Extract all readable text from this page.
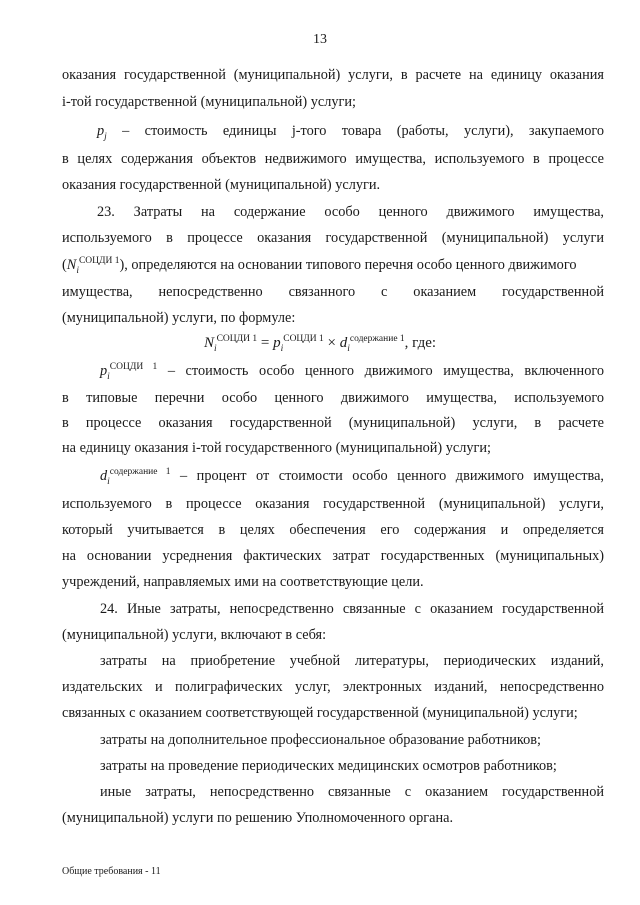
13
оказания государственной (муниципальной) услуги, в расчете на единицу оказания
i-той государственной (муниципальной) услуги;
$p_j$ – стоимость единицы j-того товара (работы, услуги), закупаемого
в целях содержания объектов недвижимого имущества, используемого в процессе
оказания государственной (муниципальной) услуги.
23. Затраты на содержание особо ценного движимого имущества,
используемого в процессе оказания государственной (муниципальной) услуги
$(N_i^{СОЦДИ 1})$, определяются на основании типового перечня особо ценного движимого
имущества, непосредственно связанного с оказанием государственной
(муниципальной) услуги, по формуле:
$N_i^{СОЦДИ 1} = p_i^{СОЦДИ 1} \times d_i^{содержание 1}$, где:
$p_i^{СОЦДИ 1}$ – стоимость особо ценного движимого имущества, включенного
в типовые перечни особо ценного движимого имущества, используемого
в процессе оказания государственной (муниципальной) услуги, в расчете
на единицу оказания i-той государственного (муниципальной) услуги;
$d_i^{содержание 1}$ – процент от стоимости особо ценного движимого имущества,
используемого в процессе оказания государственной (муниципальной) услуги,
который учитывается в целях обеспечения его содержания и определяется
на основании усреднения фактических затрат государственных (муниципальных)
учреждений, направляемых ими на соответствующие цели.
24. Иные затраты, непосредственно связанные с оказанием государственной
(муниципальной) услуги, включают в себя:
затраты на приобретение учебной литературы, периодических изданий,
издательских и полиграфических услуг, электронных изданий, непосредственно
связанных с оказанием соответствующей государственной (муниципальной) услуги;
затраты на дополнительное профессиональное образование работников;
затраты на проведение периодических медицинских осмотров работников;
иные затраты, непосредственно связанные с оказанием государственной
(муниципальной) услуги по решению Уполномоченного органа.
Общие требования - 11
